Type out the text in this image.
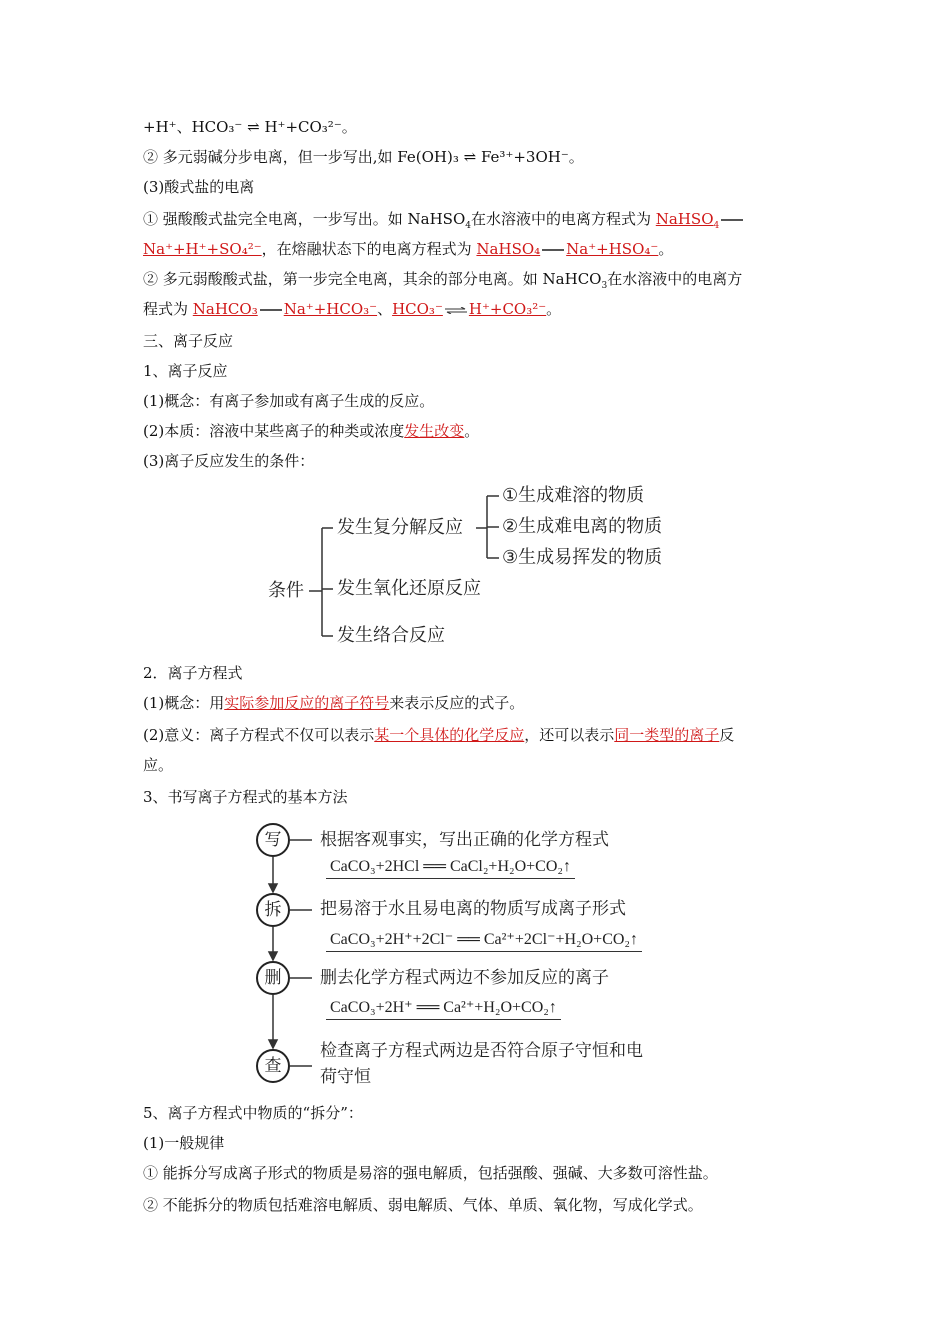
+H⁺、HCO₃⁻ ⇌ H⁺+CO₃²⁻。
② 多元弱碱分步电离，但一步写出,如 Fe(OH)₃ ⇌ Fe³⁺+3OH⁻。
(3)酸式盐的电离
① 强酸酸式盐完全电离，一步写出。如 NaHSO$_4$在水溶液中的电离方程式为 NaHSO$_4$
Na⁺+H⁺+SO₄²⁻，在熔融状态下的电离方程式为 NaHSO₄ Na⁺+HSO₄⁻。
② 多元弱酸酸式盐，第一步完全电离，其余的部分电离。如 NaHCO$_3$在水溶液中的电离方
程式为 NaHCO₃ Na⁺+HCO₃⁻、HCO₃⁻ ⇌ H⁺+CO₃²⁻。
三、离子反应
1、离子反应
(1)概念：有离子参加或有离子生成的反应。
(2)本质：溶液中某些离子的种类或浓度发生改变。
(3)离子反应发生的条件：
条件
发生复分解反应
①生成难溶的物质
②生成难电离的物质
③生成易挥发的物质
发生氧化还原反应
发生络合反应
2．离子方程式
(1)概念：用实际参加反应的离子符号来表示反应的式子。
(2)意义：离子方程式不仅可以表示某一个具体的化学反应，还可以表示同一类型的离子反
应。
3、书写离子方程式的基本方法
写	根据客观事实，写出正确的化学方程式
CaCO₃+2HCl ══ CaCl₂+H₂O+CO₂↑
拆	把易溶于水且易电离的物质写成离子形式
CaCO₃+2H⁺+2Cl⁻ ══ Ca²⁺+2Cl⁻+H₂O+CO₂↑
删	删去化学方程式两边不参加反应的离子
CaCO₃+2H⁺ ══ Ca²⁺+H₂O+CO₂↑
查
检查离子方程式两边是否符合原子守恒和电
荷守恒
5、离子方程式中物质的“拆分”：
(1)一般规律
① 能拆分写成离子形式的物质是易溶的强电解质，包括强酸、强碱、大多数可溶性盐。
② 不能拆分的物质包括难溶电解质、弱电解质、气体、单质、氧化物，写成化学式。
